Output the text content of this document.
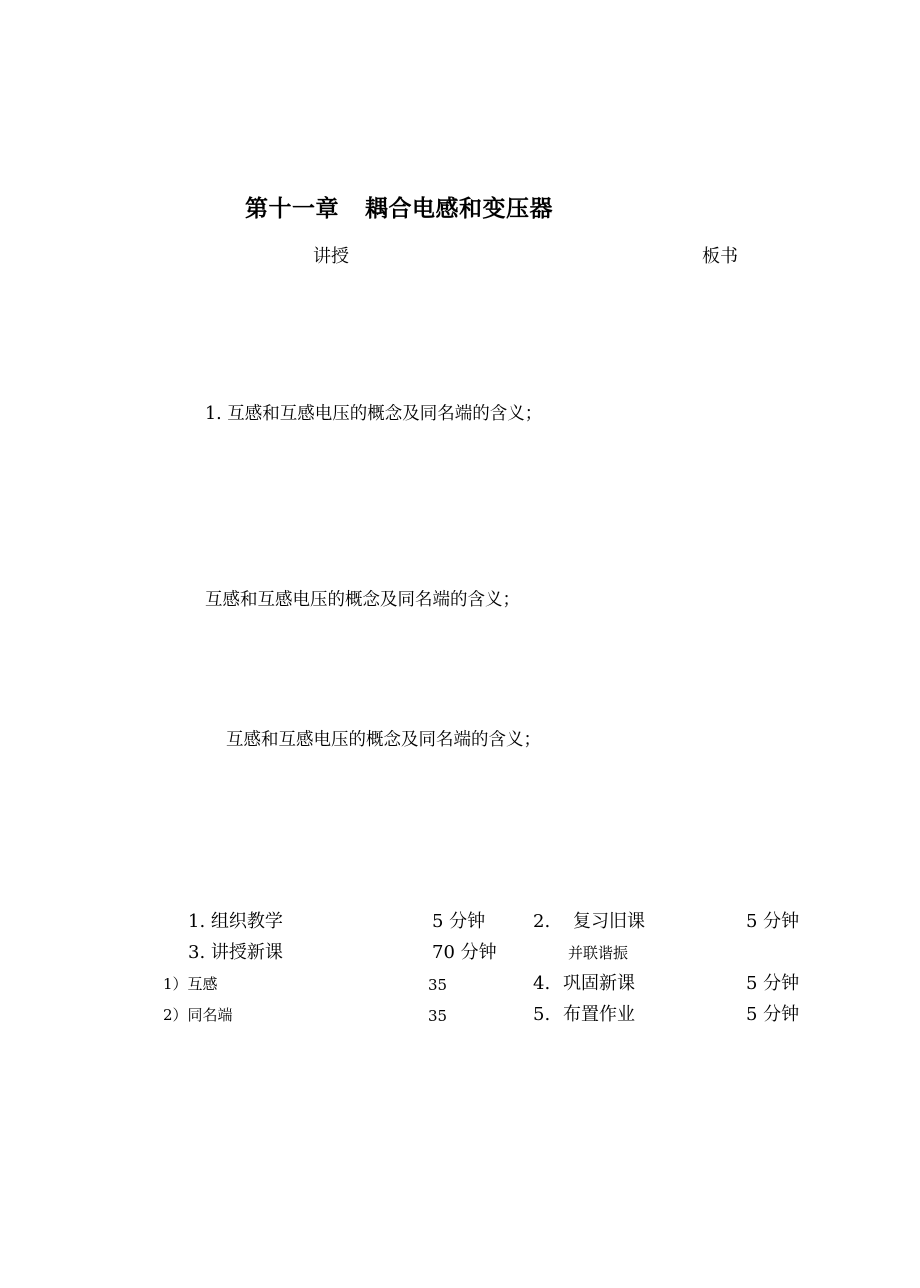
第十一章 耦合电感和变压器
讲授	板书
1. 互感和互感电压的概念及同名端的含义；
互感和互感电压的概念及同名端的含义；
互感和互感电压的概念及同名端的含义；
1. 组织教学	5 分钟	2. 复习旧课	5 分钟
3. 讲授新课	70 分钟	并联谐振
1）互感	35	4. 巩固新课	5 分钟
2）同名端	35	5. 布置作业	5 分钟
